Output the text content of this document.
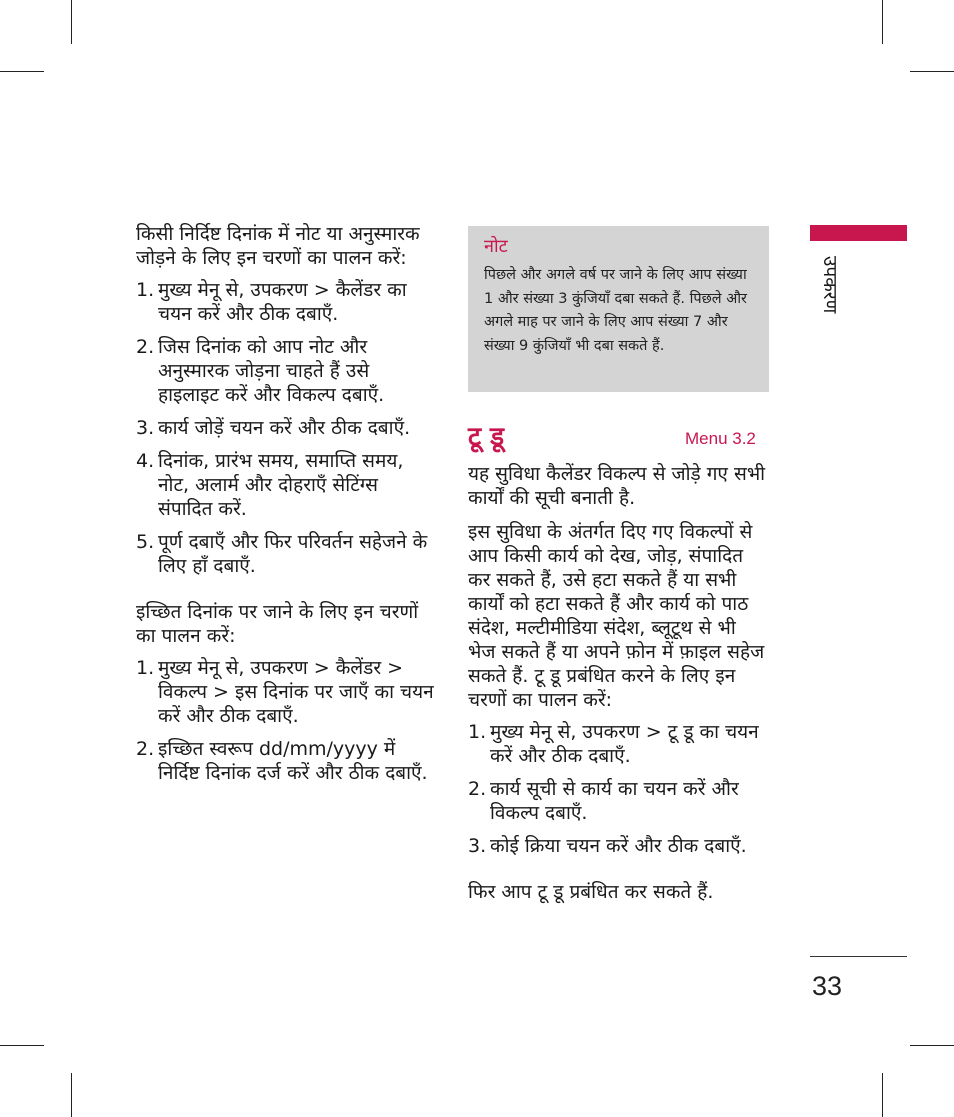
किसी निर्दिष्ट दिनांक में नोट या अनुस्मारक जोड़ने के लिए इन चरणों का पालन करें:

1. मुख्य मेनू से, उपकरण > कैलेंडर का चयन करें और ठीक दबाएँ.
2. जिस दिनांक को आप नोट और अनुस्मारक जोड़ना चाहते हैं उसे हाइलाइट करें और विकल्प दबाएँ.
3. कार्य जोड़ें चयन करें और ठीक दबाएँ.
4. दिनांक, प्रारंभ समय, समाप्ति समय, नोट, अलार्म और दोहराएँ सेटिंग्स संपादित करें.
5. पूर्ण दबाएँ और फिर परिवर्तन सहेजने के लिए हाँ दबाएँ.

इच्छित दिनांक पर जाने के लिए इन चरणों का पालन करें:

1. मुख्य मेनू से, उपकरण > कैलेंडर > विकल्प > इस दिनांक पर जाएँ का चयन करें और ठीक दबाएँ.
2. इच्छित स्वरूप dd/mm/yyyy में निर्दिष्ट दिनांक दर्ज करें और ठीक दबाएँ.
नोट
पिछले और अगले वर्ष पर जाने के लिए आप संख्या 1 और संख्या 3 कुंजियाँ दबा सकते हैं. पिछले और अगले माह पर जाने के लिए आप संख्या 7 और संख्या 9 कुंजियाँ भी दबा सकते हैं.
टू डू	Menu 3.2

यह सुविधा कैलेंडर विकल्प से जोड़े गए सभी कार्यों की सूची बनाती है.

इस सुविधा के अंतर्गत दिए गए विकल्पों से आप किसी कार्य को देख, जोड़, संपादित कर सकते हैं, उसे हटा सकते हैं या सभी कार्यों को हटा सकते हैं और कार्य को पाठ संदेश, मल्टीमीडिया संदेश, ब्लूटूथ से भी भेज सकते हैं या अपने फ़ोन में फ़ाइल सहेज सकते हैं. टू डू प्रबंधित करने के लिए इन चरणों का पालन करें:

1. मुख्य मेनू से, उपकरण > टू डू का चयन करें और ठीक दबाएँ.
2. कार्य सूची से कार्य का चयन करें और विकल्प दबाएँ.
3. कोई क्रिया चयन करें और ठीक दबाएँ.

फिर आप टू डू प्रबंधित कर सकते हैं.

उपकरण
33
